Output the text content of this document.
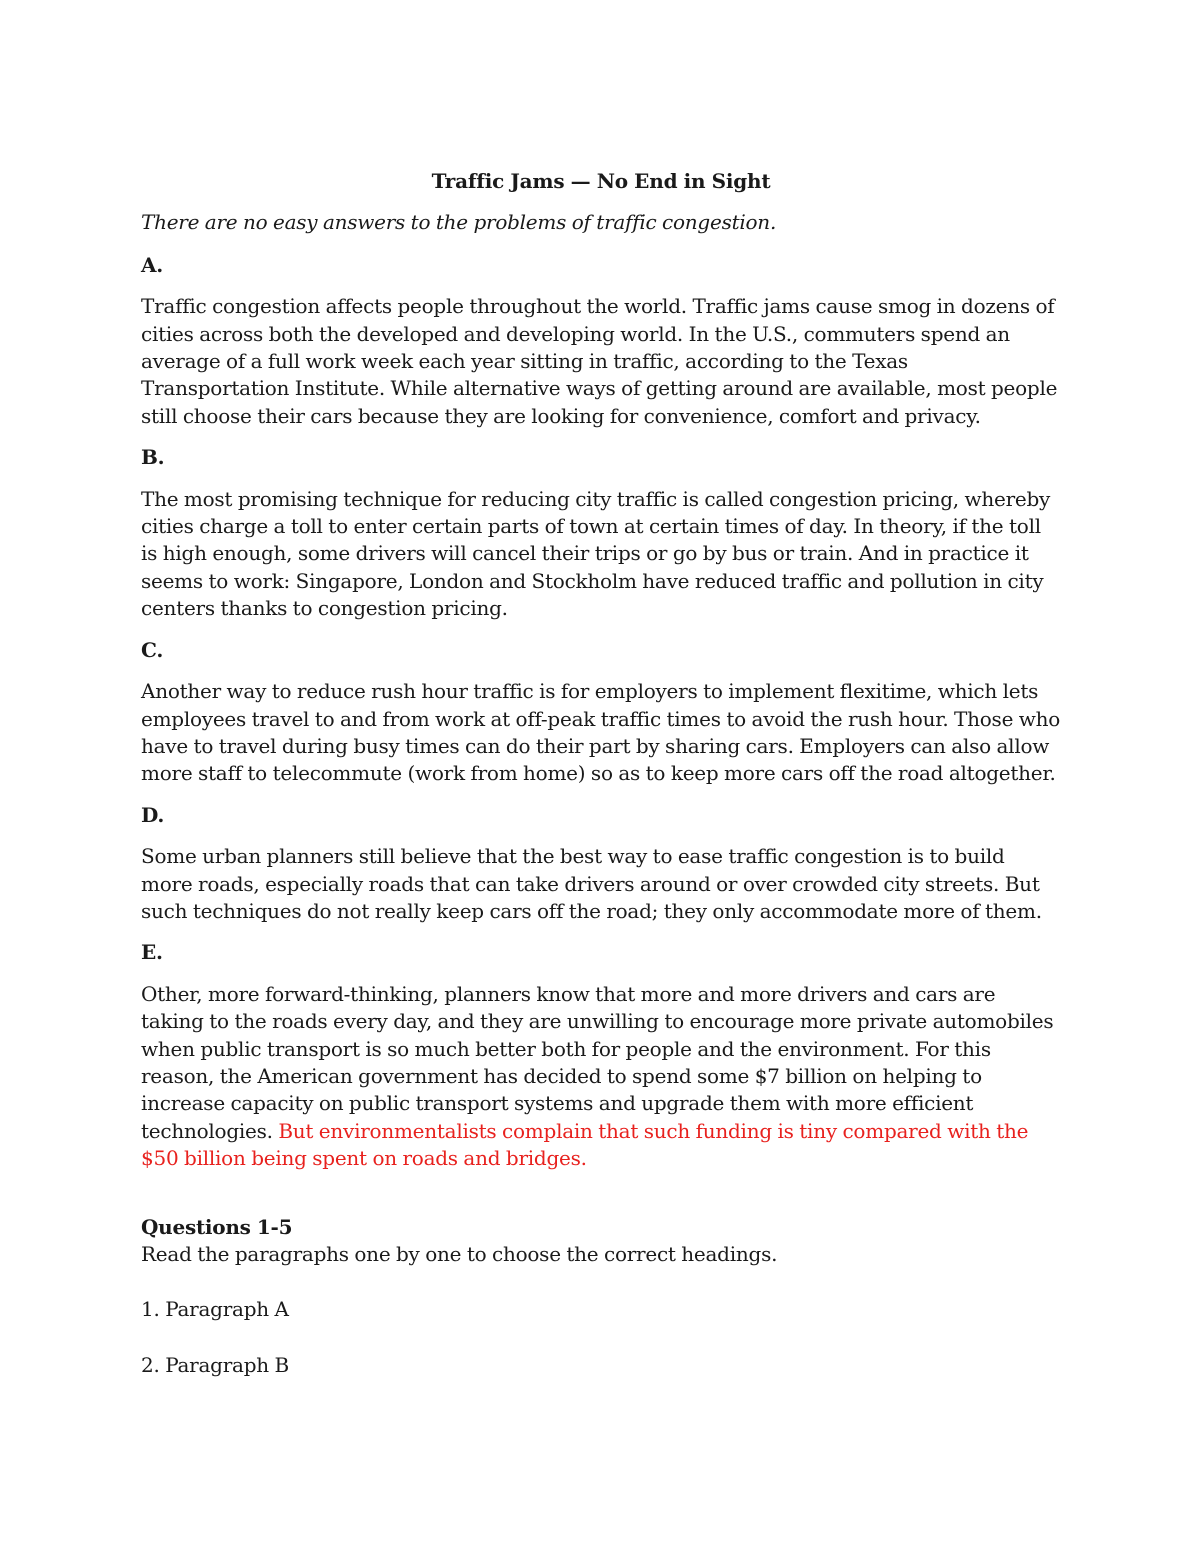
Traffic Jams — No End in Sight

There are no easy answers to the problems of traffic congestion.

A.

Traffic congestion affects people throughout the world. Traffic jams cause smog in dozens of cities across both the developed and developing world. In the U.S., commuters spend an average of a full work week each year sitting in traffic, according to the Texas Transportation Institute. While alternative ways of getting around are available, most people still choose their cars because they are looking for convenience, comfort and privacy.

B.

The most promising technique for reducing city traffic is called congestion pricing, whereby cities charge a toll to enter certain parts of town at certain times of day. In theory, if the toll is high enough, some drivers will cancel their trips or go by bus or train. And in practice it seems to work: Singapore, London and Stockholm have reduced traffic and pollution in city centers thanks to congestion pricing.

C.

Another way to reduce rush hour traffic is for employers to implement flexitime, which lets employees travel to and from work at off-peak traffic times to avoid the rush hour. Those who have to travel during busy times can do their part by sharing cars. Employers can also allow more staff to telecommute (work from home) so as to keep more cars off the road altogether.

D.

Some urban planners still believe that the best way to ease traffic congestion is to build more roads, especially roads that can take drivers around or over crowded city streets. But such techniques do not really keep cars off the road; they only accommodate more of them.

E.

Other, more forward-thinking, planners know that more and more drivers and cars are taking to the roads every day, and they are unwilling to encourage more private automobiles when public transport is so much better both for people and the environment. For this reason, the American government has decided to spend some $7 billion on helping to increase capacity on public transport systems and upgrade them with more efficient technologies. But environmentalists complain that such funding is tiny compared with the $50 billion being spent on roads and bridges.

Questions 1-5

Read the paragraphs one by one to choose the correct headings.

1. Paragraph A

2. Paragraph B
